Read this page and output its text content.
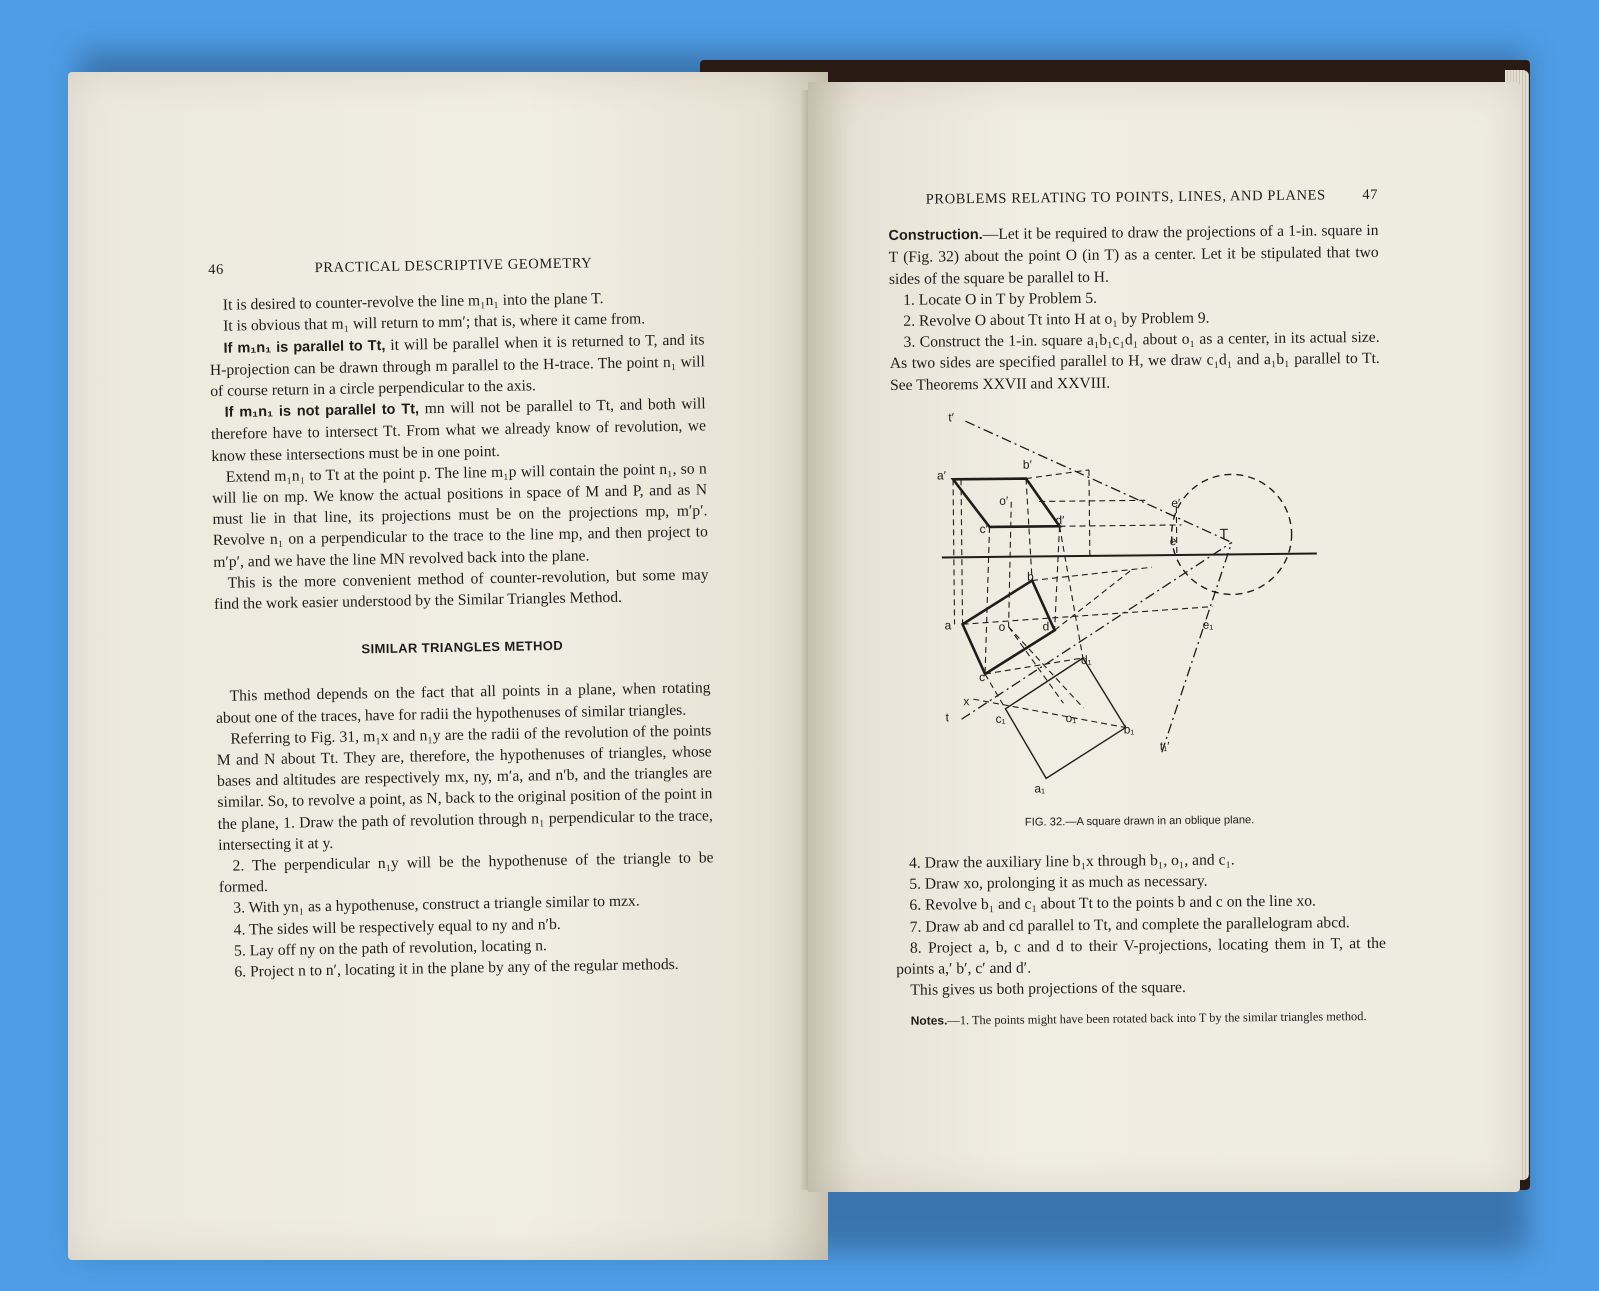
46	PRACTICAL DESCRIPTIVE GEOMETRY

It is desired to counter-revolve the line m₁n₁ into the plane T.

It is obvious that m₁ will return to mm′; that is, where it came from.

If m₁n₁ is parallel to Tt, it will be parallel when it is returned to T, and its H-projection can be drawn through m parallel to the H-trace. The point n₁ will of course return in a circle perpendicular to the axis.

If m₁n₁ is not parallel to Tt, mn will not be parallel to Tt, and both will therefore have to intersect Tt. From what we already know of revolution, we know these intersections must be in one point.

Extend m₁n₁ to Tt at the point p. The line m₁p will contain the point n₁, so n will lie on mp. We know the actual positions in space of M and P, and as N must lie in that line, its projections must be on the projections mp, m′p′. Revolve n₁ on a perpendicular to the trace to the line mp, and then project to m′p′, and we have the line MN revolved back into the plane.

This is the more convenient method of counter-revolution, but some may find the work easier understood by the Similar Triangles Method.

SIMILAR TRIANGLES METHOD

This method depends on the fact that all points in a plane, when rotating about one of the traces, have for radii the hypothenuses of similar triangles.

Referring to Fig. 31, m₁x and n₁y are the radii of the revolution of the points M and N about Tt. They are, therefore, the hypothenuses of triangles, whose bases and altitudes are respectively mx, ny, m′a, and n′b, and the triangles are similar. So, to revolve a point, as N, back to the original position of the point in the plane, 1. Draw the path of revolution through n₁ perpendicular to the trace, intersecting it at y.

2. The perpendicular n₁y will be the hypothenuse of the triangle to be formed.

3. With yn₁ as a hypothenuse, construct a triangle similar to mzx.

4. The sides will be respectively equal to ny and n′b.

5. Lay off ny on the path of revolution, locating n.

6. Project n to n′, locating it in the plane by any of the regular methods.

PROBLEMS RELATING TO POINTS, LINES, AND PLANES	47

Construction.—Let it be required to draw the projections of a 1-in. square in T (Fig. 32) about the point O (in T) as a center. Let it be stipulated that two sides of the square be parallel to H.

1. Locate O in T by Problem 5.

2. Revolve O about Tt into H at o₁ by Problem 9.

3. Construct the 1-in. square a₁b₁c₁d₁ about o₁ as a center, in its actual size. As two sides are specified parallel to H, we draw c₁d₁ and a₁b₁ parallel to Tt. See Theorems XXVII and XXVIII.

t′
a′
b′
o′
c′
d′
e′
e	T
b
a	o	d	e₁
d₁
c
x
t	c₁	o₁
b₁
t₁′
a₁
FIG. 32.—A square drawn in an oblique plane.

4. Draw the auxiliary line b₁x through b₁, o₁, and c₁.

5. Draw xo, prolonging it as much as necessary.

6. Revolve b₁ and c₁ about Tt to the points b and c on the line xo.

7. Draw ab and cd parallel to Tt, and complete the parallelogram abcd.

8. Project a, b, c and d to their V-projections, locating them in T, at the points a,′ b′, c′ and d′.

This gives us both projections of the square.

Notes.—1. The points might have been rotated back into T by the similar triangles method.
